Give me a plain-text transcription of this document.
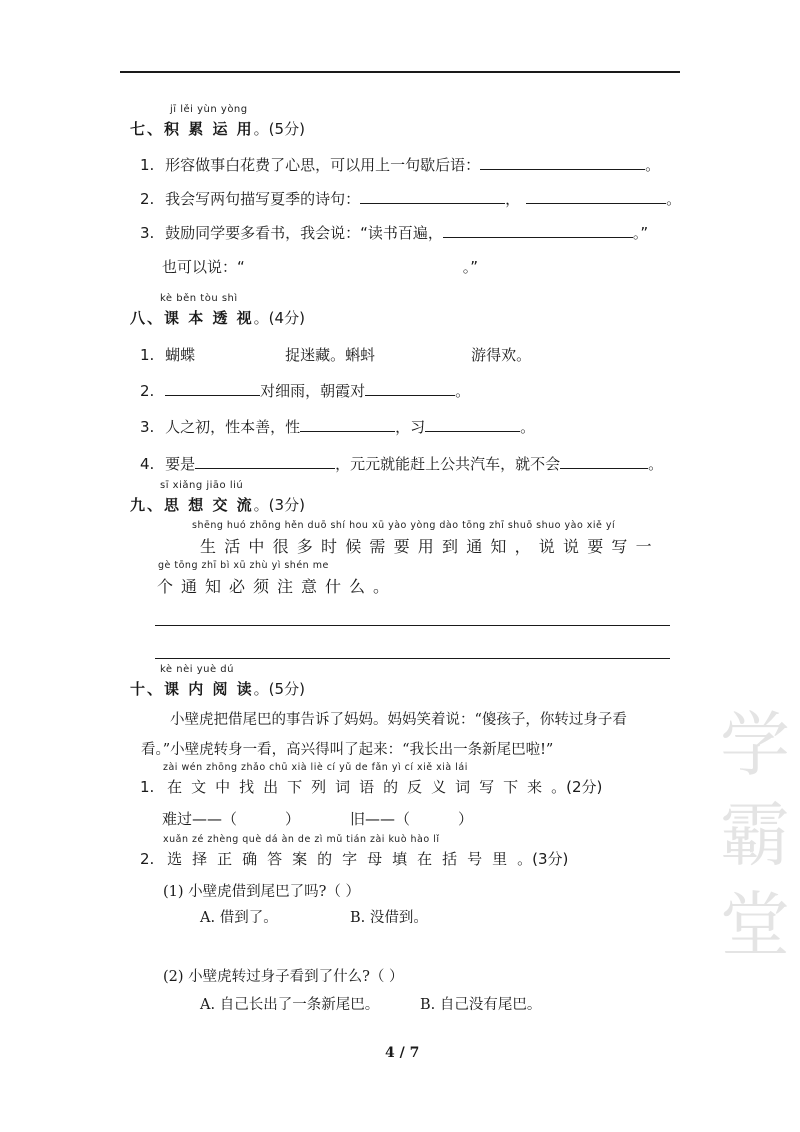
学
霸
堂
jī lěi yùn yòng
七、积 累 运 用。(5分)
1. 形容做事白花费了心思，可以用上一句歇后语：	。
2. 我会写两句描写夏季的诗句：	，	。
3. 鼓励同学要多看书，我会说：“读书百遍，	。”
也可以说：“	。”
kè běn tòu shì
八、课 本 透 视。(4分)
1. 蝴蝶	捉迷藏。蝌蚪	游得欢。
2.	对细雨，朝霞对	。
3. 人之初，性本善，性	，习	。
4. 要是	，元元就能赶上公共汽车，就不会	。
sī xiǎng jiāo liú
九、思 想 交 流。(3分)
shēng huó zhōng hěn duō shí hou xū yào yòng dào tōng zhī shuō shuo yào xiě yí
生活中很多时候需要用到通知，说说要写一
gè tōng zhī bì xū zhù yì shén me
个通知必须注意什么。
kè nèi yuè dú
十、课 内 阅 读。(5分)
小壁虎把借尾巴的事告诉了妈妈。妈妈笑着说：“傻孩子，你转过身子看
看。”小壁虎转身一看，高兴得叫了起来：“我长出一条新尾巴啦!”
zài wén zhōng zhǎo chū xià liè cí yǔ de fǎn yì cí xiě xià lái
1. 在文中找出下列词语的反义词写下来。(2分)
难过——（	）	旧——（	）
xuǎn zé zhèng què dá àn de zì mǔ tián zài kuò hào lǐ
2. 选择正确答案的字母填在括号里。(3分)
(1) 小壁虎借到尾巴了吗?（ ）
A. 借到了。	B. 没借到。
(2) 小壁虎转过身子看到了什么?（ ）
A. 自己长出了一条新尾巴。	B. 自己没有尾巴。
4 / 7
